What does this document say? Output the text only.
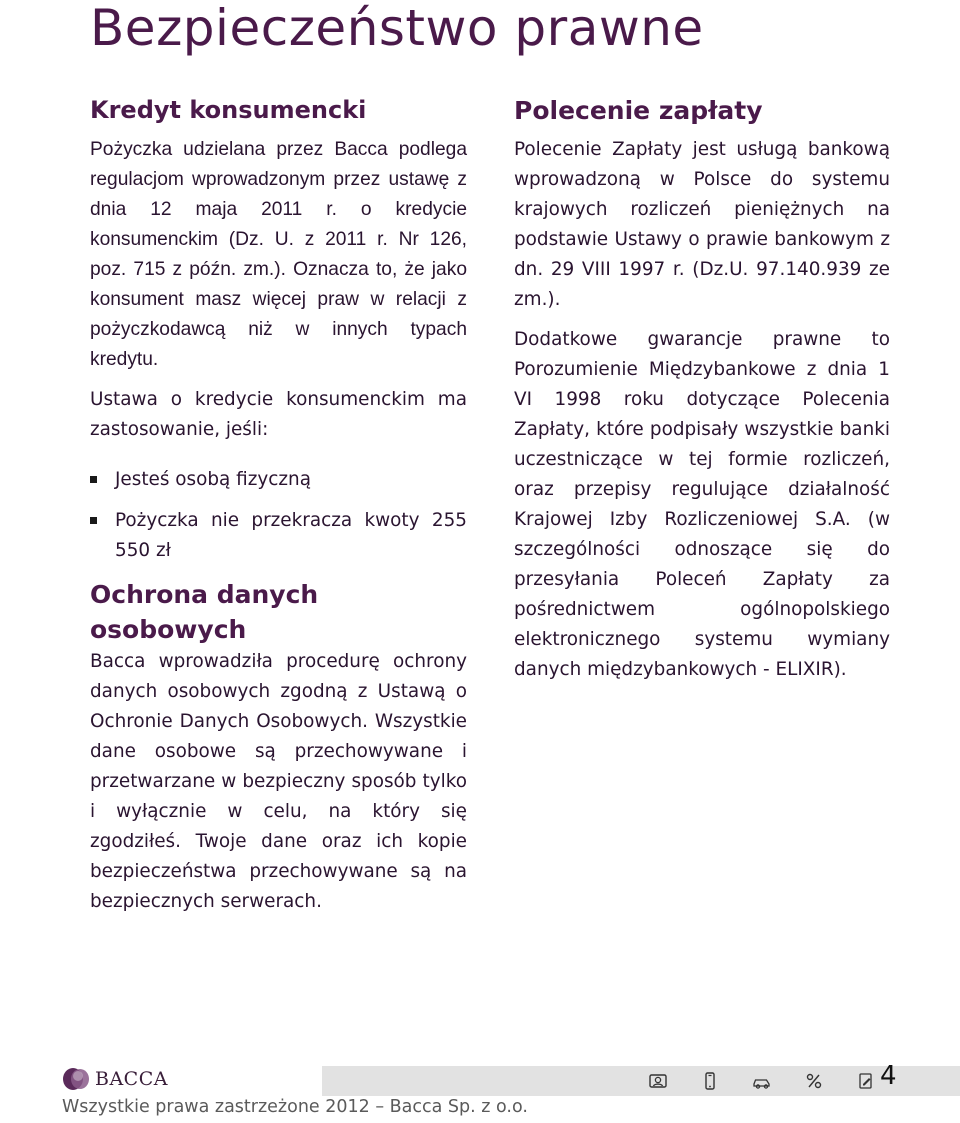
Bezpieczeństwo prawne
Kredyt konsumencki

Pożyczka udzielana przez Bacca podlega regulacjom wprowadzonym przez ustawę z dnia 12 maja 2011 r. o kredycie konsumenckim (Dz. U. z 2011 r. Nr 126, poz. 715 z późn. zm.). Oznacza to, że jako konsument masz więcej praw w relacji z pożyczkodawcą niż w innych typach kredytu.

Ustawa o kredycie konsumenckim ma zastosowanie, jeśli:

Jesteś osobą fizyczną
Pożyczka nie przekracza kwoty 255 550 zł
Ochrona danych osobowych

Bacca wprowadziła procedurę ochrony danych osobowych zgodną z Ustawą o Ochronie Danych Osobowych. Wszystkie dane osobowe są przechowywane i przetwarzane w bezpieczny sposób tylko i wyłącznie w celu, na który się zgodziłeś. Twoje dane oraz ich kopie bezpieczeństwa przechowywane są na bezpiecznych serwerach.

Polecenie zapłaty

Polecenie Zapłaty jest usługą bankową wprowadzoną w Polsce do systemu krajowych rozliczeń pieniężnych na podstawie Ustawy o prawie bankowym z dn. 29 VIII 1997 r. (Dz.U. 97.140.939 ze zm.).

Dodatkowe gwarancje prawne to Porozumienie Międzybankowe z dnia 1 VI 1998 roku dotyczące Polecenia Zapłaty, które podpisały wszystkie banki uczestniczące w tej formie rozliczeń, oraz przepisy regulujące działalność Krajowej Izby Rozliczeniowej S.A. (w szczególności odnoszące się do przesyłania Poleceń Zapłaty za pośrednictwem ogólnopolskiego elektronicznego systemu wymiany danych międzybankowych - ELIXIR).

BACCA	4
Wszystkie prawa zastrzeżone 2012 – Bacca Sp. z o.o.
